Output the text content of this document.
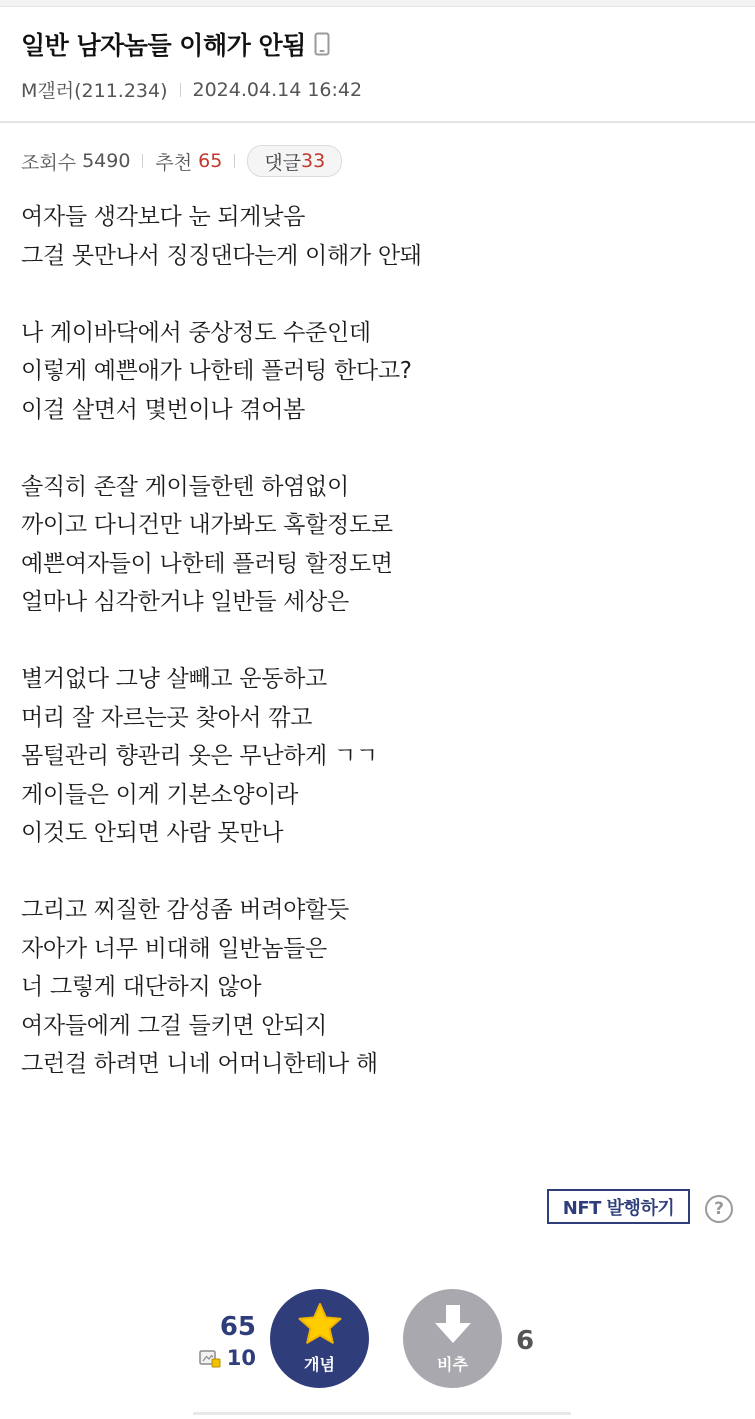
일반 남자놈들 이해가 안됨
M갤러(211.234) 2024.04.14 16:42
조회수 5490 추천 65 댓글 33
여자들 생각보다 눈 되게낮음
그걸 못만나서 징징댄다는게 이해가 안돼
나 게이바닥에서 중상정도 수준인데
이렇게 예쁜애가 나한테 플러팅 한다고?
이걸 살면서 몇번이나 겪어봄
솔직히 존잘 게이들한텐 하염없이
까이고 다니건만 내가봐도 혹할정도로
예쁜여자들이 나한테 플러팅 할정도면
얼마나 심각한거냐 일반들 세상은
별거없다 그냥 살빼고 운동하고
머리 잘 자르는곳 찾아서 깎고
몸털관리 향관리 옷은 무난하게 ㄱㄱ
게이들은 이게 기본소양이라
이것도 안되면 사람 못만나
그리고 찌질한 감성좀 버려야할듯
자아가 너무 비대해 일반놈들은
너 그렇게 대단하지 않아
여자들에게 그걸 들키면 안되지
그런걸 하려면 니네 어머니한테나 해
NFT 발행하기	?
65
10	개념	비추
6
